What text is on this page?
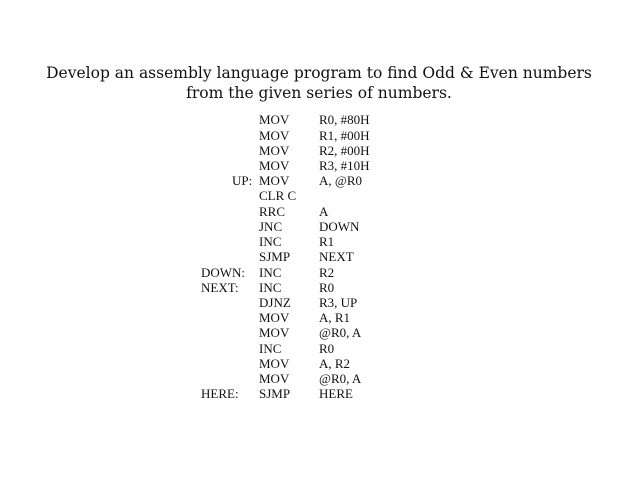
Develop an assembly language program to find Odd & Even numbers
from the given series of numbers.
MOV R0, #80H
MOV R1, #00H
MOV R2, #00H
MOV R3, #10H
UP: MOV A, @R0
CLR C
RRC	A
JNC	DOWN
INC	R1
SJMP NEXT
DOWN: INC	R2
NEXT: INC	R0
DJNZ R3, UP
MOV A, R1
MOV @R0, A
INC	R0
MOV A, R2
MOV @R0, A
HERE: SJMP HERE
